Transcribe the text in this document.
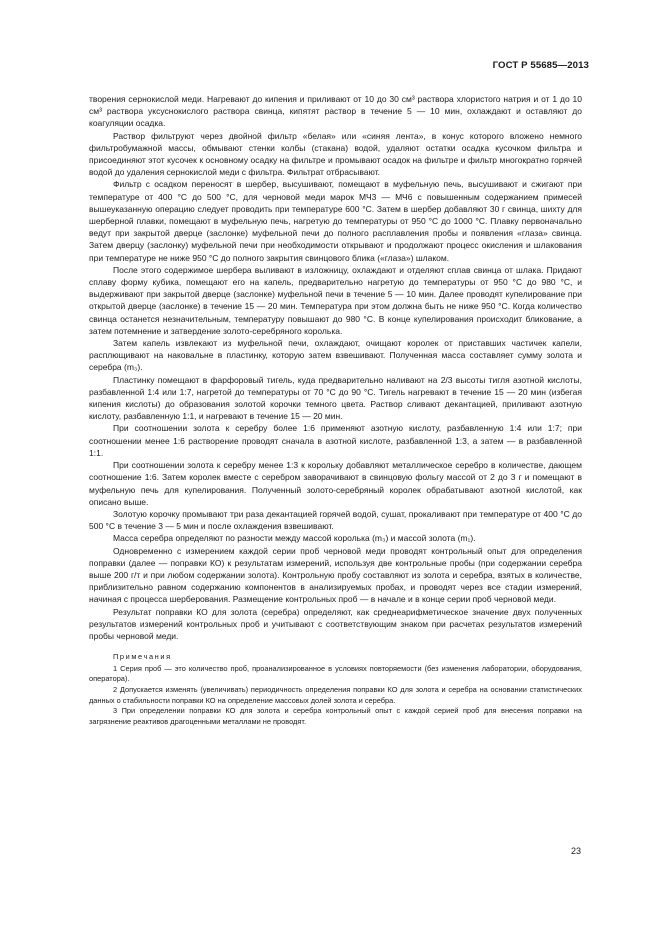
ГОСТ Р 55685—2013

творения сернокислой меди. Нагревают до кипения и приливают от 10 до 30 см³ раствора хлористого натрия и от 1 до 10 см³ раствора уксуснокислого раствора свинца, кипятят раствор в течение 5 — 10 мин, охлаждают и оставляют до коагуляции осадка.

Раствор фильтруют через двойной фильтр «белая» или «синяя лента», в конус которого вложено немного фильтробумажной массы, обмывают стенки колбы (стакана) водой, удаляют остатки осадка кусочком фильтра и присоединяют этот кусочек к основному осадку на фильтре и промывают осадок на фильтре и фильтр многократно горячей водой до удаления сернокислой меди с фильтра. Фильтрат отбрасывают.

Фильтр с осадком переносят в шербер, высушивают, помещают в муфельную печь, высушивают и сжигают при температуре от 400 °С до 500 °С, для черновой меди марок МЧ3 — МЧ6 с повышенным содержанием примесей вышеуказанную операцию следует проводить при температуре 600 °С. Затем в шербер добавляют 30 г свинца, шихту для шерберной плавки, помещают в муфельную печь, нагретую до температуры от 950 °С до 1000 °С. Плавку первоначально ведут при закрытой дверце (заслонке) муфельной печи до полного расплавления пробы и появления «глаза» свинца. Затем дверцу (заслонку) муфельной печи при необходимости открывают и продолжают процесс окисления и шлакования при температуре не ниже 950 °С до полного закрытия свинцового блика («глаза») шлаком.

После этого содержимое шербера выливают в изложницу, охлаждают и отделяют сплав свинца от шлака. Придают сплаву форму кубика, помещают его на капель, предварительно нагретую до температуры от 950 °С до 980 °С, и выдерживают при закрытой дверце (заслонке) муфельной печи в течение 5 — 10 мин. Далее проводят купелирование при открытой дверце (заслонке) в течение 15 — 20 мин. Температура при этом должна быть не ниже 950 °С. Когда количество свинца останется незначительным, температуру повышают до 980 °С. В конце купелирования происходит бликование, а затем потемнение и затвердение золото-серебряного королька.

Затем капель извлекают из муфельной печи, охлаждают, очищают королек от приставших частичек капели, расплющивают на наковальне в пластинку, которую затем взвешивают. Полученная масса составляет сумму золота и серебра (m₃).

Пластинку помещают в фарфоровый тигель, куда предварительно наливают на 2/3 высоты тигля азотной кислоты, разбавленной 1:4 или 1:7, нагретой до температуры от 70 °С до 90 °С. Тигель нагревают в течение 15 — 20 мин (избегая кипения кислоты) до образования золотой корочки темного цвета. Раствор сливают декантацией, приливают азотную кислоту, разбавленную 1:1, и нагревают в течение 15 — 20 мин.

При соотношении золота к серебру более 1:6 применяют азотную кислоту, разбавленную 1:4 или 1:7; при соотношении менее 1:6 растворение проводят сначала в азотной кислоте, разбавленной 1:3, а затем — в разбавленной 1:1.

При соотношении золота к серебру менее 1:3 к корольку добавляют металлическое серебро в количестве, дающем соотношение 1:6. Затем королек вместе с серебром заворачивают в свинцовую фольгу массой от 2 до 3 г и помещают в муфельную печь для купелирования. Полученный золото-серебряный королек обрабатывают азотной кислотой, как описано выше.

Золотую корочку промывают три раза декантацией горячей водой, сушат, прокаливают при температуре от 400 °С до 500 °С в течение 3 — 5 мин и после охлаждения взвешивают.

Масса серебра определяют по разности между массой королька (m₃) и массой золота (m₁).

Одновременно с измерением каждой серии проб черновой меди проводят контрольный опыт для определения поправки (далее — поправки КО) к результатам измерений, используя две контрольные пробы (при содержании серебра выше 200 г/т и при любом содержании золота). Контрольную пробу составляют из золота и серебра, взятых в количестве, приблизительно равном содержанию компонентов в анализируемых пробах, и проводят через все стадии измерений, начиная с процесса шерберования. Размещение контрольных проб — в начале и в конце серии проб черновой меди.

Результат поправки КО для золота (серебра) определяют, как среднеарифметическое значение двух полученных результатов измерений контрольных проб и учитывают с соответствующим знаком при расчетах результатов измерений пробы черновой меди.

Примечания

1 Серия проб — это количество проб, проанализированное в условиях повторяемости (без изменения лаборатории, оборудования, оператора).

2 Допускается изменять (увеличивать) периодичность определения поправки КО для золота и серебра на основании статистических данных о стабильности поправки КО на определение массовых долей золота и серебра.

3 При определении поправки КО для золота и серебра контрольный опыт с каждой серией проб для внесения поправки на загрязнение реактивов драгоценными металлами не проводят.

23
